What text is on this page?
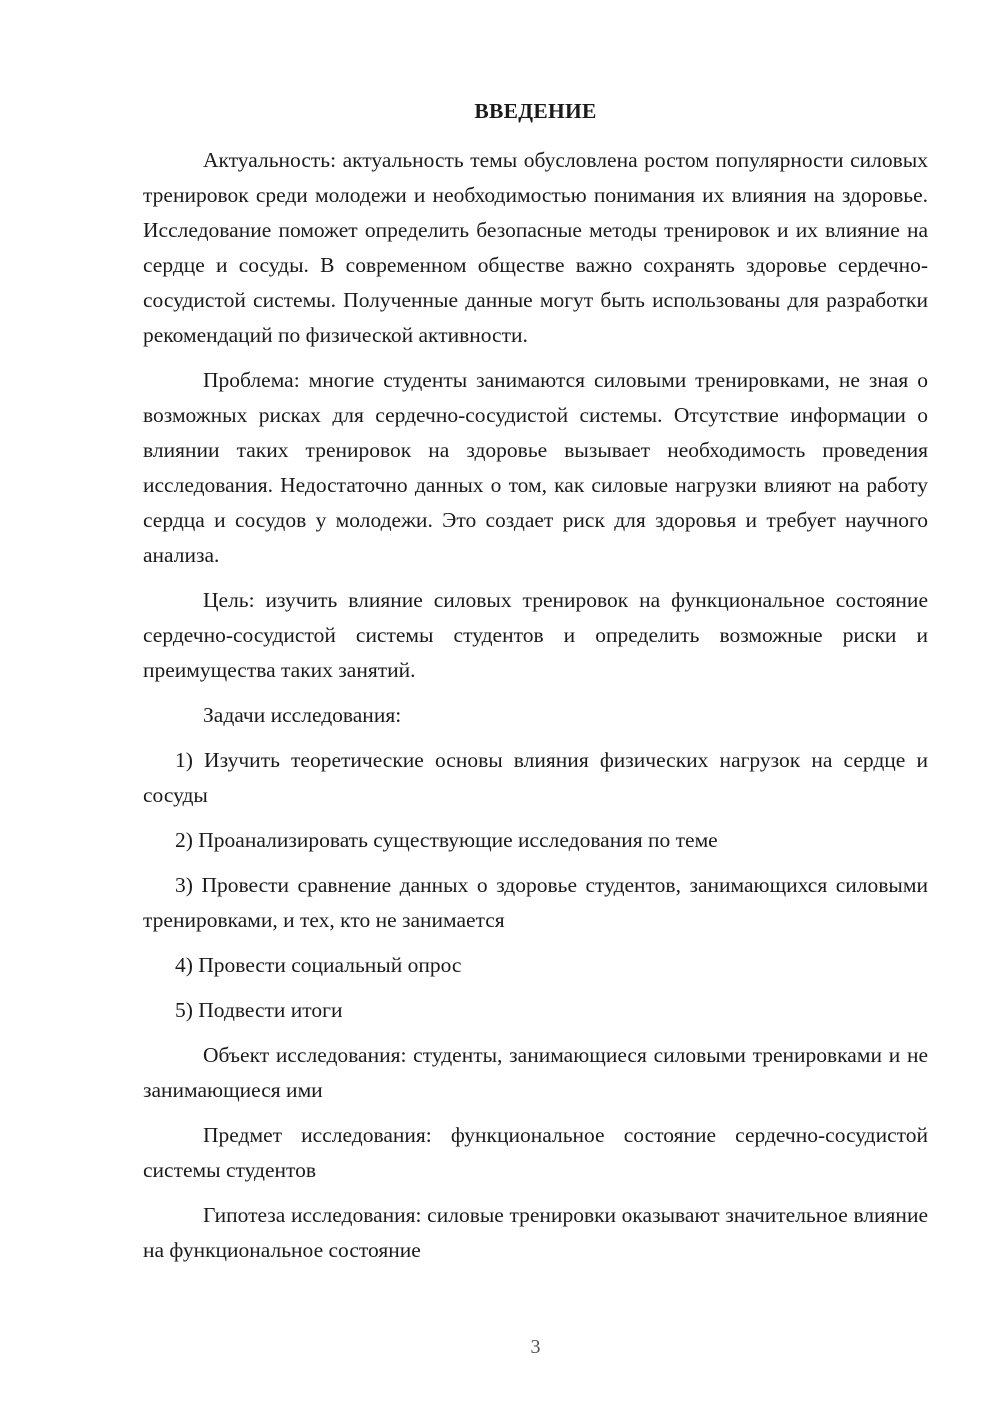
ВВЕДЕНИЕ

Актуальность: актуальность темы обусловлена ростом популярности силовых тренировок среди молодежи и необходимостью понимания их влияния на здоровье. Исследование поможет определить безопасные методы тренировок и их влияние на сердце и сосуды. В современном обществе важно сохранять здоровье сердечно-сосудистой системы. Полученные данные могут быть использованы для разработки рекомендаций по физической активности.

Проблема: многие студенты занимаются силовыми тренировками, не зная о возможных рисках для сердечно-сосудистой системы. Отсутствие информации о влиянии таких тренировок на здоровье вызывает необходимость проведения исследования. Недостаточно данных о том, как силовые нагрузки влияют на работу сердца и сосудов у молодежи. Это создает риск для здоровья и требует научного анализа.

Цель: изучить влияние силовых тренировок на функциональное состояние сердечно-сосудистой системы студентов и определить возможные риски и преимущества таких занятий.

Задачи исследования:

1) Изучить теоретические основы влияния физических нагрузок на сердце и сосуды

2) Проанализировать существующие исследования по теме

3) Провести сравнение данных о здоровье студентов, занимающихся силовыми тренировками, и тех, кто не занимается

4) Провести социальный опрос

5) Подвести итоги

Объект исследования: студенты, занимающиеся силовыми тренировками и не занимающиеся ими

Предмет исследования: функциональное состояние сердечно-сосудистой системы студентов

Гипотеза исследования: силовые тренировки оказывают значительное влияние на функциональное состояние

3
